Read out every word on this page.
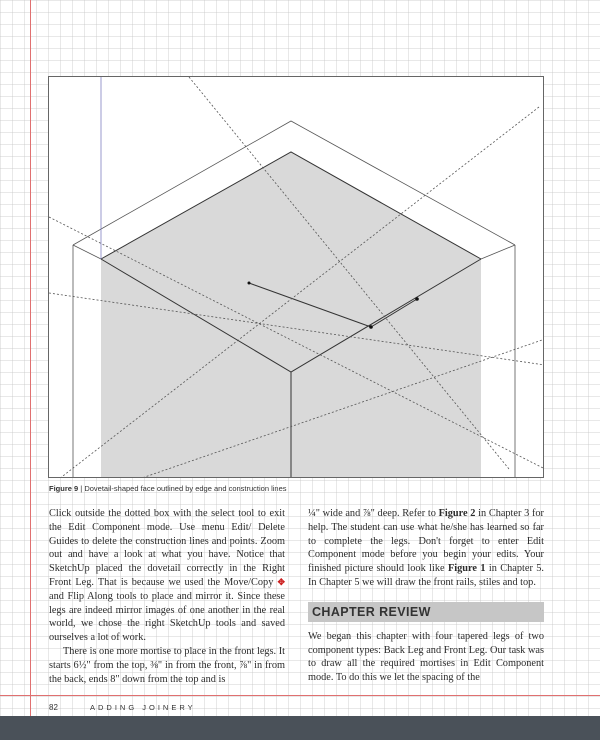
Figure 9 | Dovetail-shaped face outlined by edge and construction lines

Click outside the dotted box with the select tool to exit the Edit Component mode. Use menu Edit/ Delete Guides to delete the construction lines and points. Zoom out and have a look at what you have. Notice that SketchUp placed the dovetail correctly in the Right Front Leg. That is because we used the Move/Copy ✥ and Flip Along tools to place and mirror it. Since these legs are indeed mirror images of one another in the real world, we chose the right SketchUp tools and saved ourselves a lot of work.

There is one more mortise to place in the front legs. It starts 6½" from the top, ⅜" in from the front, ⅞" in from the back, ends 8" down from the top and is

¼" wide and ⅞" deep. Refer to Figure 2 in Chapter 3 for help. The student can use what he/she has learned so far to complete the legs. Don't forget to enter Edit Component mode before you begin your edits. Your finished picture should look like Figure 1 in Chapter 5. In Chapter 5 we will draw the front rails, stiles and top.

CHAPTER REVIEW

We began this chapter with four tapered legs of two component types: Back Leg and Front Leg. Our task was to draw all the required mortises in Edit Component mode. To do this we let the spacing of the

82	ADDING JOINERY
